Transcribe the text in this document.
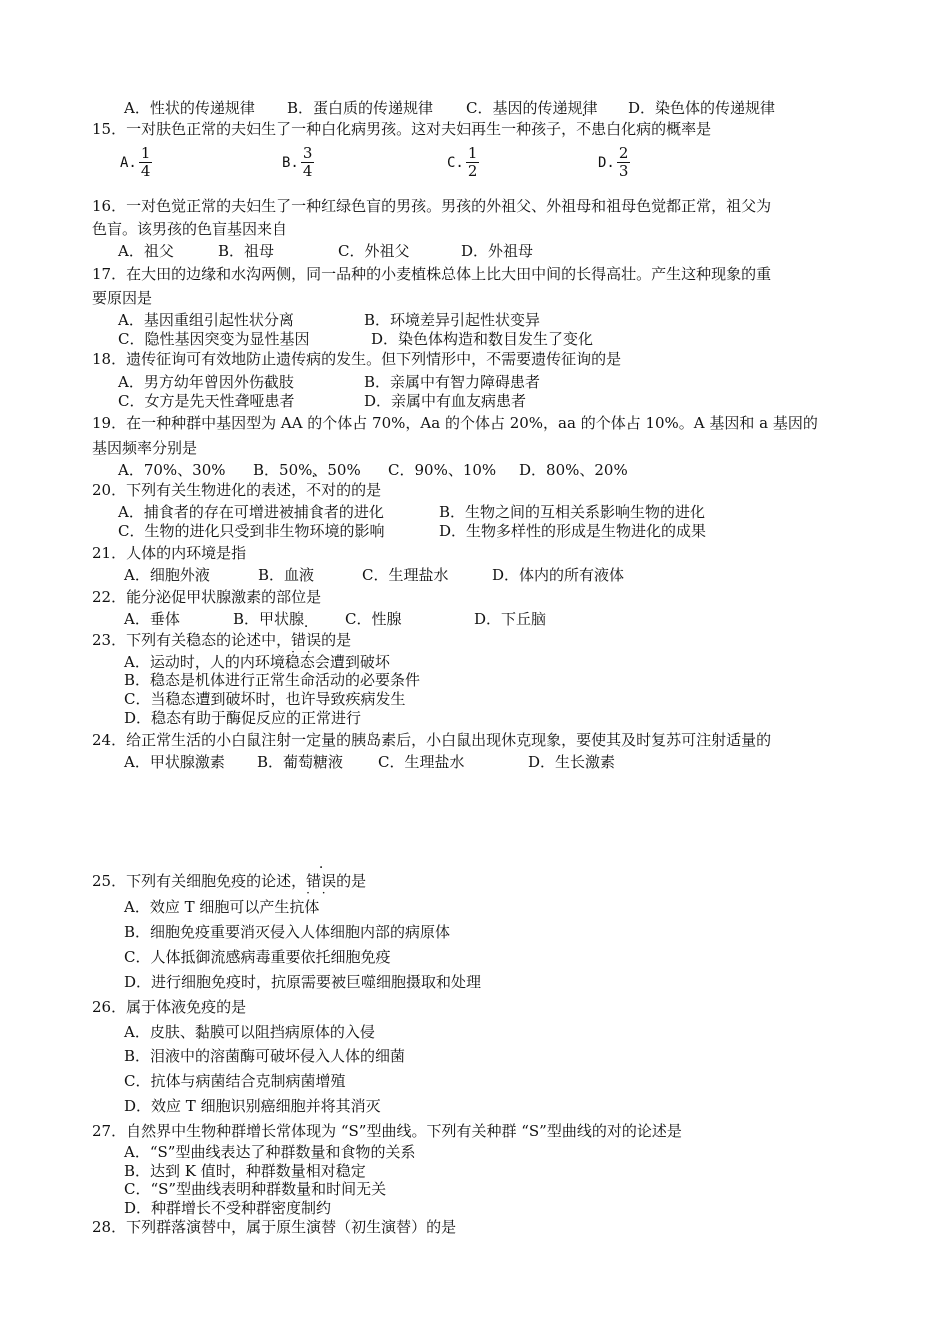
A．性状的传递规律 B．蛋白质的传递规律 C．基因的传递规律 D．染色体的传递规律
15．一对肤色正常的夫妇生了一种白化病男孩。这对夫妇再生一种孩子，不患白化病的概率是
A. $\frac{1}{4}$	B. $\frac{3}{4}$	C. $\frac{1}{2}$	D. $\frac{2}{3}$
16．一对色觉正常的夫妇生了一种红绿色盲的男孩。男孩的外祖父、外祖母和祖母色觉都正常，祖父为
色盲。该男孩的色盲基因来自
A．祖父	B．祖母	C．外祖父	D．外祖母
17．在大田的边缘和水沟两侧，同一品种的小麦植株总体上比大田中间的长得高壮。产生这种现象的重
要原因是
A．基因重组引起性状分离	B．环境差异引起性状变异
C．隐性基因突变为显性基因	D．染色体构造和数目发生了变化
18．遗传征询可有效地防止遗传病的发生。但下列情形中，不需要遗传征询的是
A．男方幼年曾因外伤截肢	B．亲属中有智力障碍患者
C．女方是先天性聋哑患者	D．亲属中有血友病患者
19．在一种种群中基因型为 AA 的个体占 70%，Aa 的个体占 20%，aa 的个体占 10%。A 基因和 a 基因的
基因频率分别是
A．70%、30% B．50%、50% C．90%、10% D．80%、20%
20．下列有关生物进化的表述，不对的的是
A．捕食者的存在可增进被捕食者的进化	B．生物之间的互相关系影响生物的进化
C．生物的进化只受到非生物环境的影响	D．生物多样性的形成是生物进化的成果
21．人体的内环境是指
A．细胞外液	B．血液	C．生理盐水	D．体内的所有液体
22．能分泌促甲状腺激素的部位是
A．垂体	B．甲状腺	C．性腺	D．下丘脑
23．下列有关稳态的论述中，错误 · ·的是
A．运动时，人的内环境稳态会遭到破坏
B．稳态是机体进行正常生命活动的必要条件
C．当稳态遭到破坏时，也许导致疾病发生
D．稳态有助于酶促反应的正常进行
24．给正常生活的小白鼠注射一定量的胰岛素后，小白鼠出现休克现象，要使其及时复苏可注射适量的
A．甲状腺激素 B．葡萄糖液 C．生理盐水	D．生长激素
25．下列有关细胞免疫的论述，错误 · ·的是
A．效应 T 细胞可以产生抗体
B．细胞免疫重要消灭侵入人体细胞内部的病原体
C．人体抵御流感病毒重要依托细胞免疫
D．进行细胞免疫时，抗原需要被巨噬细胞摄取和处理
26．属于体液免疫的是
A．皮肤、黏膜可以阻挡病原体的入侵
B．泪液中的溶菌酶可破坏侵入人体的细菌
C．抗体与病菌结合克制病菌增殖
D．效应 T 细胞识别癌细胞并将其消灭
27．自然界中生物种群增长常体现为 “S”型曲线。下列有关种群 “S”型曲线的对的论述是
A．“S”型曲线表达了种群数量和食物的关系
B．达到 K 值时，种群数量相对稳定
C．“S”型曲线表明种群数量和时间无关
D．种群增长不受种群密度制约
28．下列群落演替中，属于原生演替（初生演替）的是
